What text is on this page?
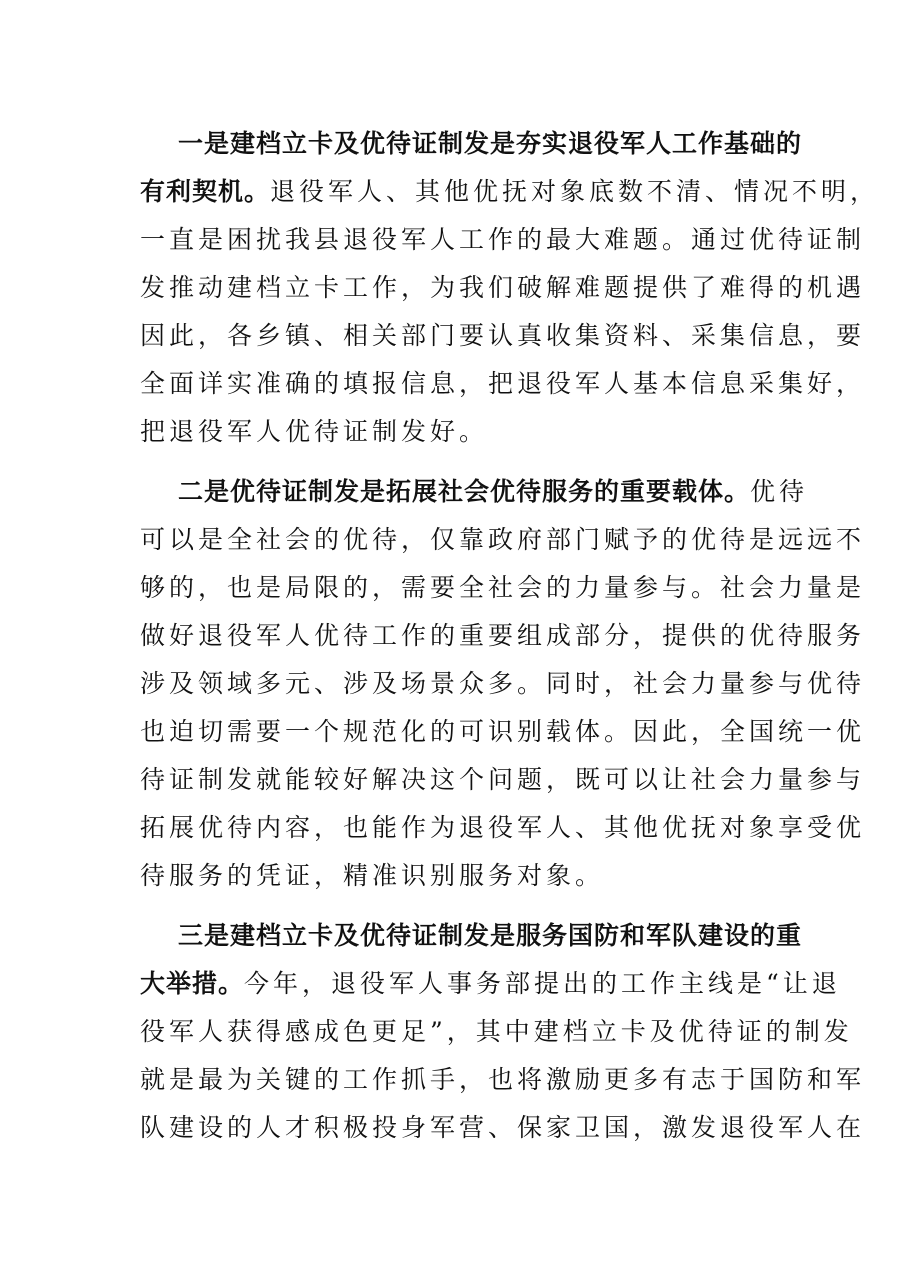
一是建档立卡及优待证制发是夯实退役军人工作基础的
有利契机。退役军人、其他优抚对象底数不清、情况不明，
一直是困扰我县退役军人工作的最大难题。通过优待证制
发推动建档立卡工作，为我们破解难题提供了难得的机遇
因此，各乡镇、相关部门要认真收集资料、采集信息，要
全面详实准确的填报信息，把退役军人基本信息采集好，
把退役军人优待证制发好。
二是优待证制发是拓展社会优待服务的重要载体。优待
可以是全社会的优待，仅靠政府部门赋予的优待是远远不
够的，也是局限的，需要全社会的力量参与。社会力量是
做好退役军人优待工作的重要组成部分，提供的优待服务
涉及领域多元、涉及场景众多。同时，社会力量参与优待
也迫切需要一个规范化的可识别载体。因此，全国统一优
待证制发就能较好解决这个问题，既可以让社会力量参与
拓展优待内容，也能作为退役军人、其他优抚对象享受优
待服务的凭证，精准识别服务对象。
三是建档立卡及优待证制发是服务国防和军队建设的重
大举措。今年，退役军人事务部提出的工作主线是“让退
役军人获得感成色更足”，其中建档立卡及优待证的制发
就是最为关键的工作抓手，也将激励更多有志于国防和军
队建设的人才积极投身军营、保家卫国，激发退役军人在
